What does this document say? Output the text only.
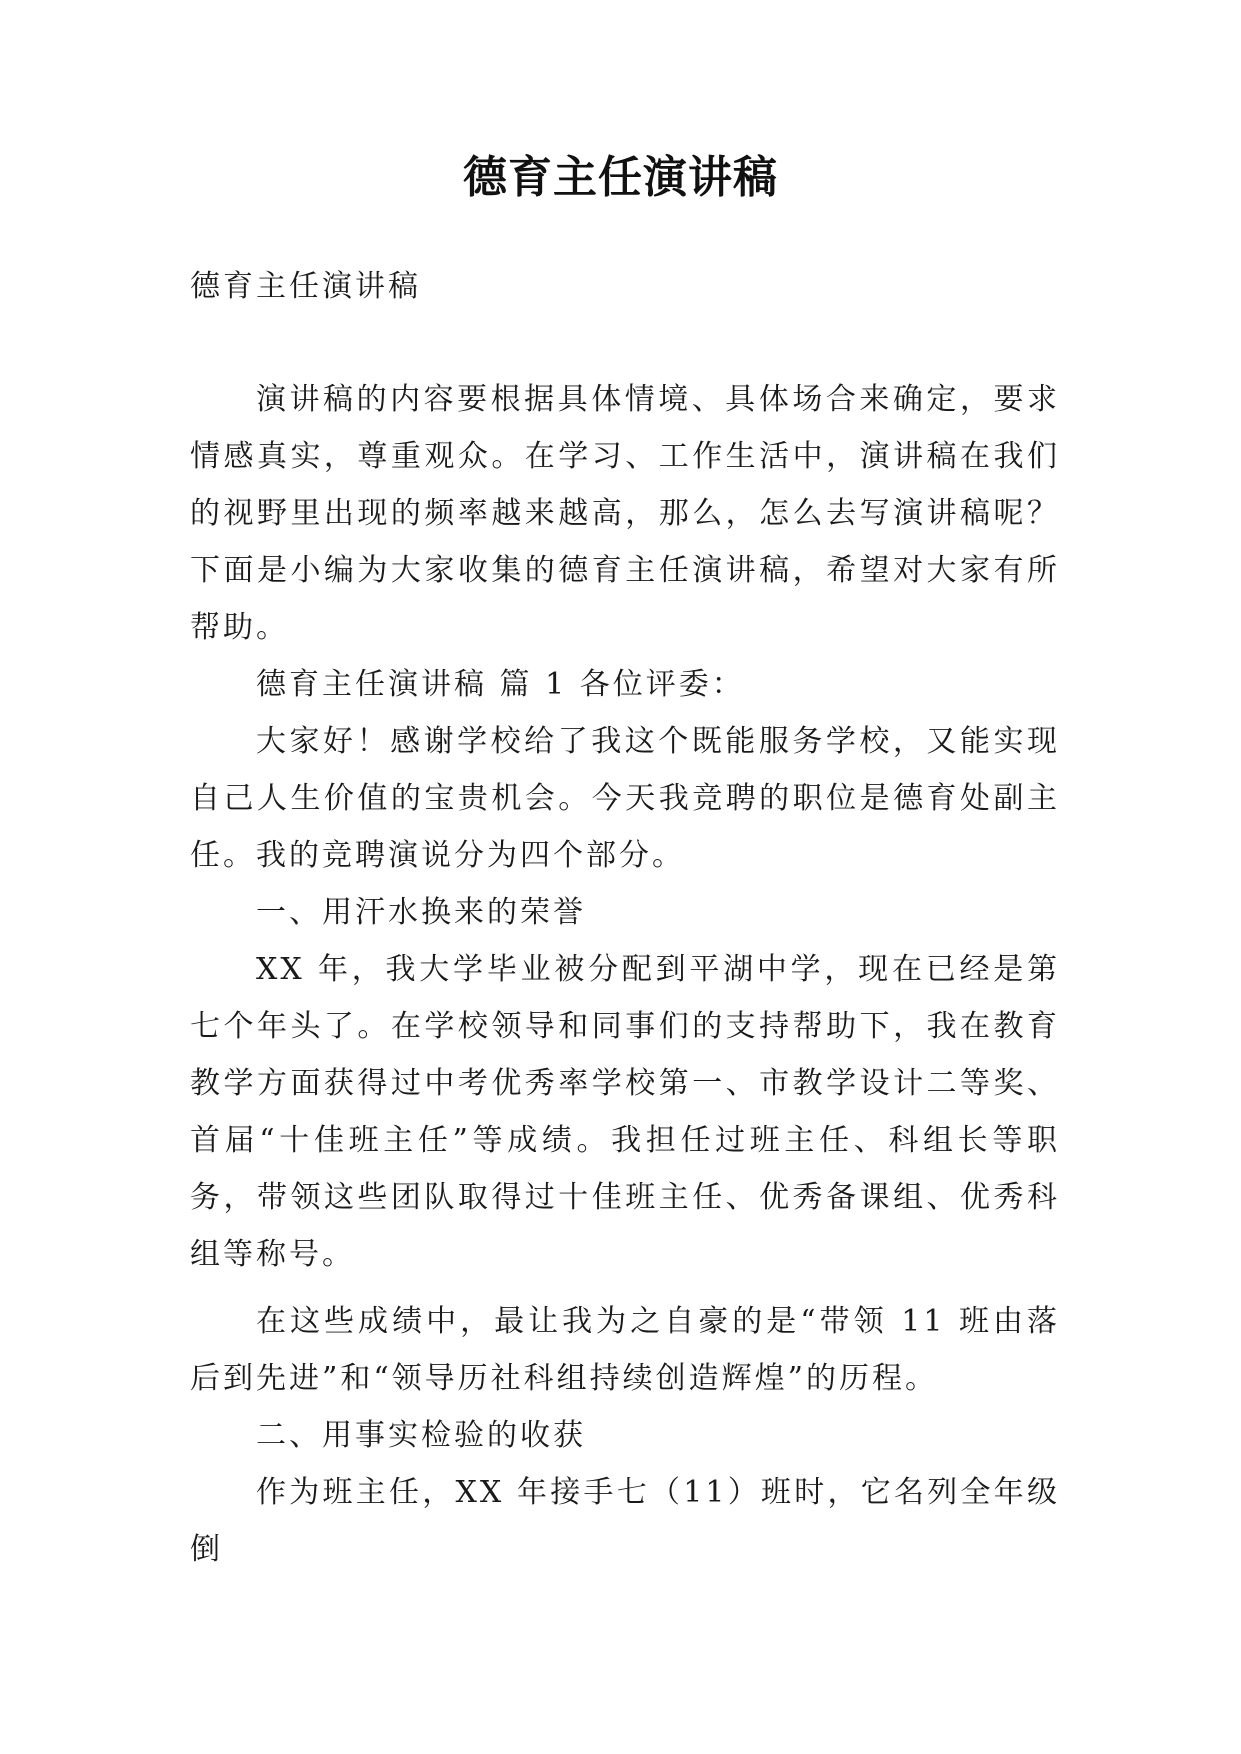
德育主任演讲稿

德育主任演讲稿

演讲稿的内容要根据具体情境、具体场合来确定，要求情感真实，尊重观众。在学习、工作生活中，演讲稿在我们的视野里出现的频率越来越高，那么，怎么去写演讲稿呢？下面是小编为大家收集的德育主任演讲稿，希望对大家有所帮助。

德育主任演讲稿 篇 1 各位评委：

大家好！感谢学校给了我这个既能服务学校，又能实现自己人生价值的宝贵机会。今天我竞聘的职位是德育处副主任。我的竞聘演说分为四个部分。

一、用汗水换来的荣誉

XX 年，我大学毕业被分配到平湖中学，现在已经是第七个年头了。在学校领导和同事们的支持帮助下，我在教育教学方面获得过中考优秀率学校第一、市教学设计二等奖、首届“十佳班主任”等成绩。我担任过班主任、科组长等职务，带领这些团队取得过十佳班主任、优秀备课组、优秀科组等称号。

在这些成绩中，最让我为之自豪的是“带领 11 班由落后到先进”和“领导历社科组持续创造辉煌”的历程。

二、用事实检验的收获

作为班主任，XX 年接手七（11）班时，它名列全年级倒
